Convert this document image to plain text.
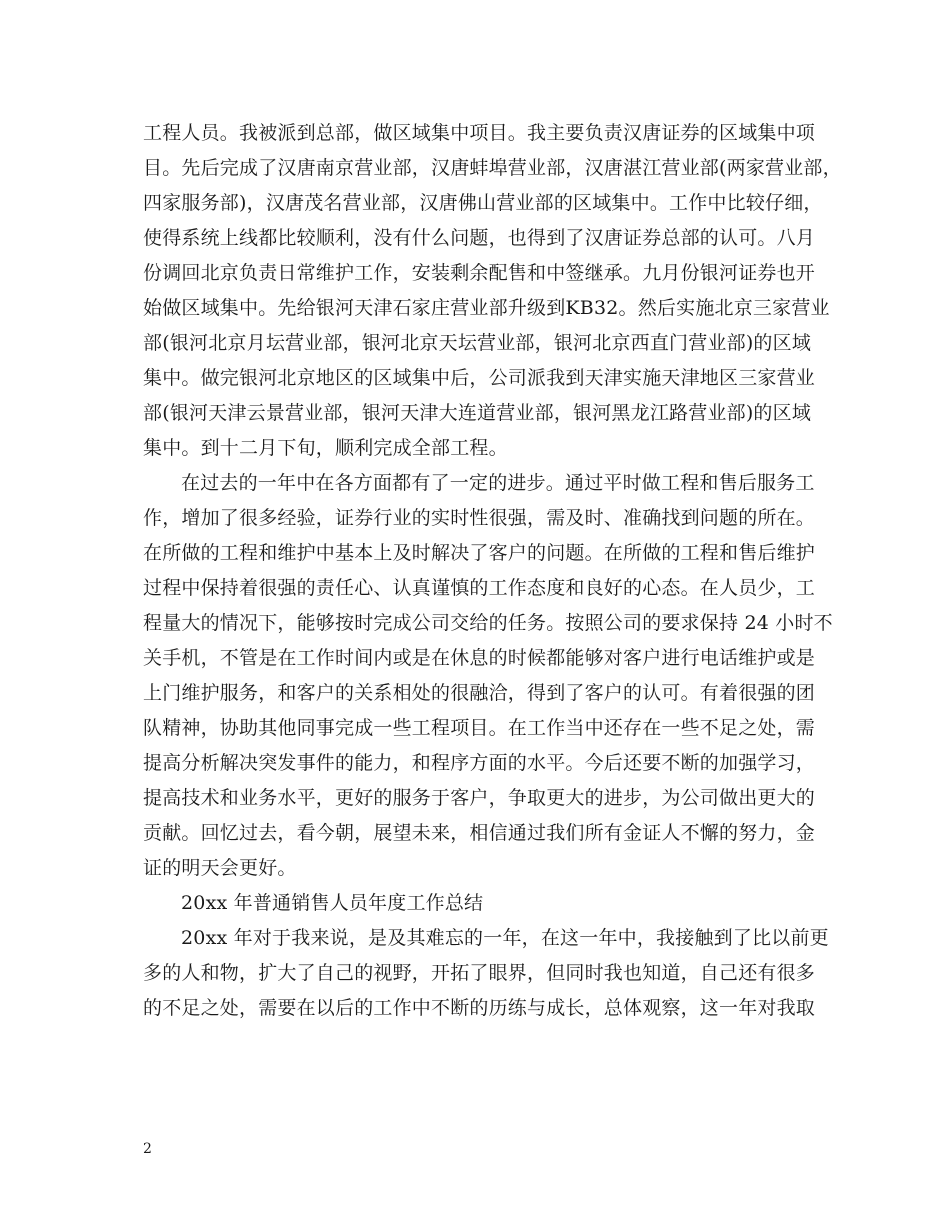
工程人员。我被派到总部，做区域集中项目。我主要负责汉唐证券的区域集中项
目。先后完成了汉唐南京营业部，汉唐蚌埠营业部，汉唐湛江营业部(两家营业部，
四家服务部)，汉唐茂名营业部，汉唐佛山营业部的区域集中。工作中比较仔细，
使得系统上线都比较顺利，没有什么问题，也得到了汉唐证券总部的认可。八月
份调回北京负责日常维护工作，安装剩余配售和中签继承。九月份银河证券也开
始做区域集中。先给银河天津石家庄营业部升级到KB32。然后实施北京三家营业
部(银河北京月坛营业部，银河北京天坛营业部，银河北京西直门营业部)的区域
集中。做完银河北京地区的区域集中后，公司派我到天津实施天津地区三家营业
部(银河天津云景营业部，银河天津大连道营业部，银河黑龙江路营业部)的区域
集中。到十二月下旬，顺利完成全部工程。
在过去的一年中在各方面都有了一定的进步。通过平时做工程和售后服务工
作，增加了很多经验，证券行业的实时性很强，需及时、准确找到问题的所在。
在所做的工程和维护中基本上及时解决了客户的问题。在所做的工程和售后维护
过程中保持着很强的责任心、认真谨慎的工作态度和良好的心态。在人员少，工
程量大的情况下，能够按时完成公司交给的任务。按照公司的要求保持 24 小时不
关手机，不管是在工作时间内或是在休息的时候都能够对客户进行电话维护或是
上门维护服务，和客户的关系相处的很融洽，得到了客户的认可。有着很强的团
队精神，协助其他同事完成一些工程项目。在工作当中还存在一些不足之处，需
提高分析解决突发事件的能力，和程序方面的水平。今后还要不断的加强学习，
提高技术和业务水平，更好的服务于客户，争取更大的进步，为公司做出更大的
贡献。回忆过去，看今朝，展望未来，相信通过我们所有金证人不懈的努力，金
证的明天会更好。
20xx 年普通销售人员年度工作总结
20xx 年对于我来说，是及其难忘的一年，在这一年中，我接触到了比以前更
多的人和物，扩大了自己的视野，开拓了眼界，但同时我也知道，自己还有很多
的不足之处，需要在以后的工作中不断的历练与成长，总体观察，这一年对我取
2
